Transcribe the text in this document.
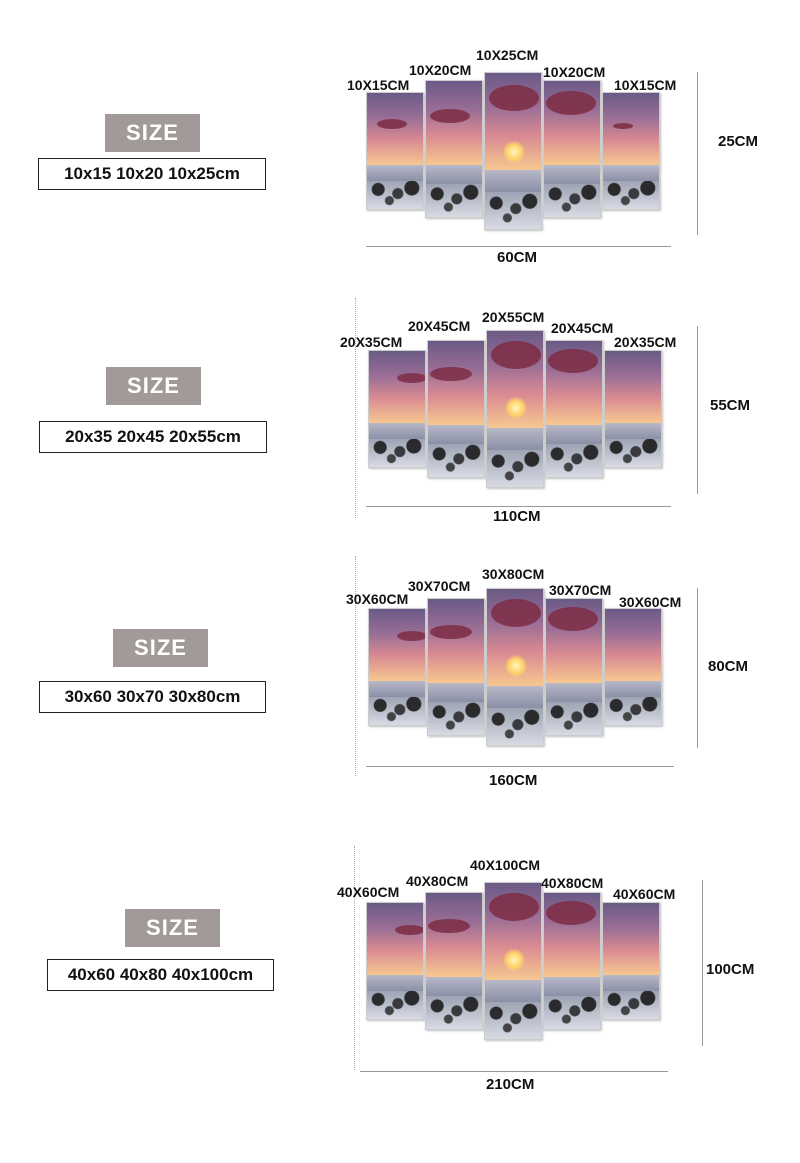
SIZE
10x15 10x20 10x25cm
10X15CM
10X20CM
10X25CM
10X20CM
10X15CM
25CM
60CM
SIZE
20x35 20x45 20x55cm
20X35CM
20X45CM
20X55CM
20X45CM
20X35CM
55CM
110CM
SIZE
30x60 30x70 30x80cm
30X60CM
30X70CM
30X80CM
30X70CM
30X60CM
80CM
160CM
SIZE
40x60 40x80 40x100cm
40X60CM
40X80CM
40X100CM
40X80CM
40X60CM
100CM
210CM
